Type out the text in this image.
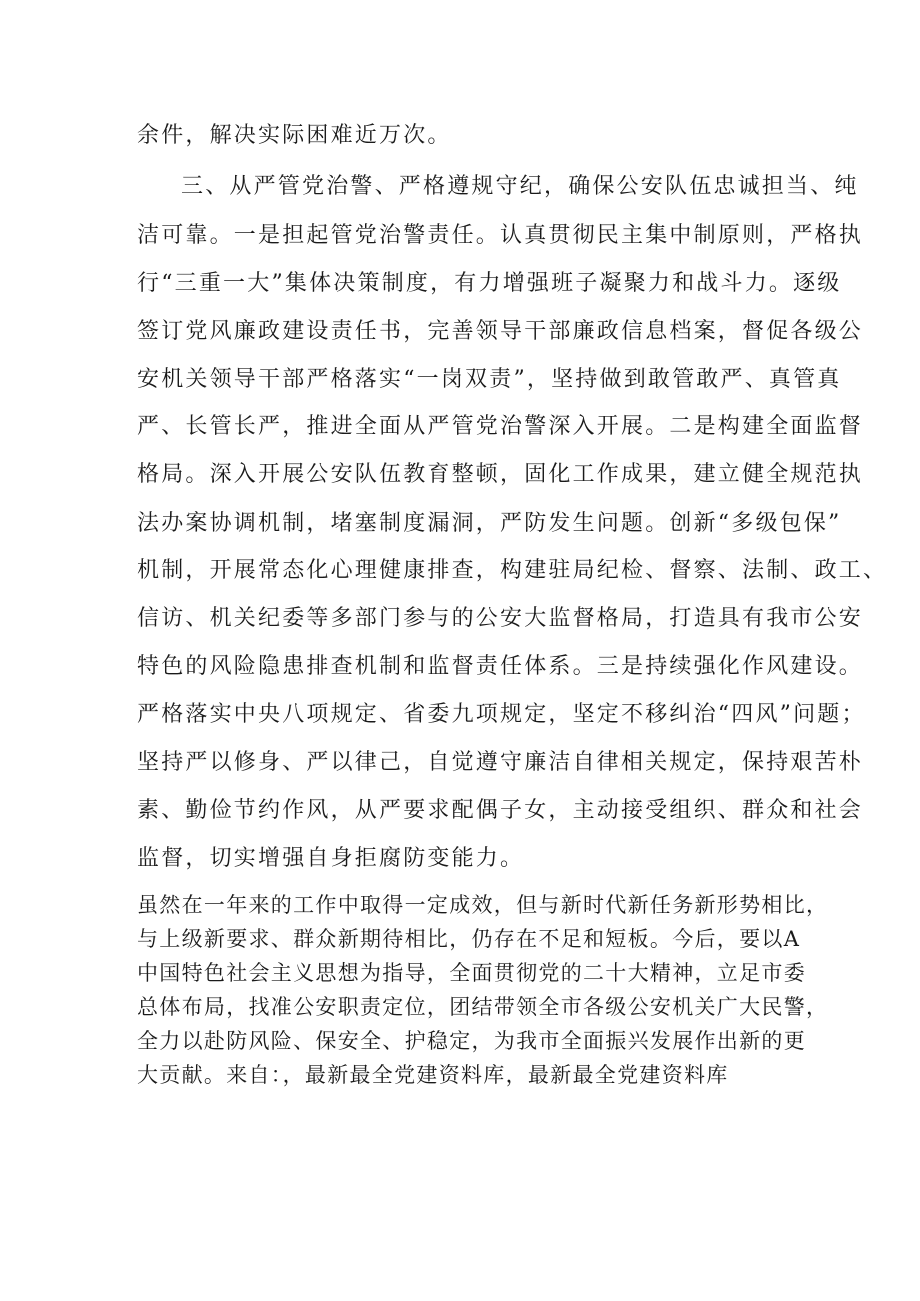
余件，解决实际困难近万次。
三、从严管党治警、严格遵规守纪，确保公安队伍忠诚担当、纯
洁可靠。一是担起管党治警责任。认真贯彻民主集中制原则，严格执
行“三重一大”集体决策制度，有力增强班子凝聚力和战斗力。逐级
签订党风廉政建设责任书，完善领导干部廉政信息档案，督促各级公
安机关领导干部严格落实“一岗双责”，坚持做到敢管敢严、真管真
严、长管长严，推进全面从严管党治警深入开展。二是构建全面监督
格局。深入开展公安队伍教育整顿，固化工作成果，建立健全规范执
法办案协调机制，堵塞制度漏洞，严防发生问题。创新“多级包保”
机制，开展常态化心理健康排查，构建驻局纪检、督察、法制、政工、
信访、机关纪委等多部门参与的公安大监督格局，打造具有我市公安
特色的风险隐患排查机制和监督责任体系。三是持续强化作风建设。
严格落实中央八项规定、省委九项规定，坚定不移纠治“四风”问题；
坚持严以修身、严以律己，自觉遵守廉洁自律相关规定，保持艰苦朴
素、勤俭节约作风，从严要求配偶子女，主动接受组织、群众和社会
监督，切实增强自身拒腐防变能力。
虽然在一年来的工作中取得一定成效，但与新时代新任务新形势相比，
与上级新要求、群众新期待相比，仍存在不足和短板。今后，要以A
中国特色社会主义思想为指导，全面贯彻党的二十大精神，立足市委
总体布局，找准公安职责定位，团结带领全市各级公安机关广大民警，
全力以赴防风险、保安全、护稳定，为我市全面振兴发展作出新的更
大贡献。来自：，最新最全党建资料库，最新最全党建资料库
